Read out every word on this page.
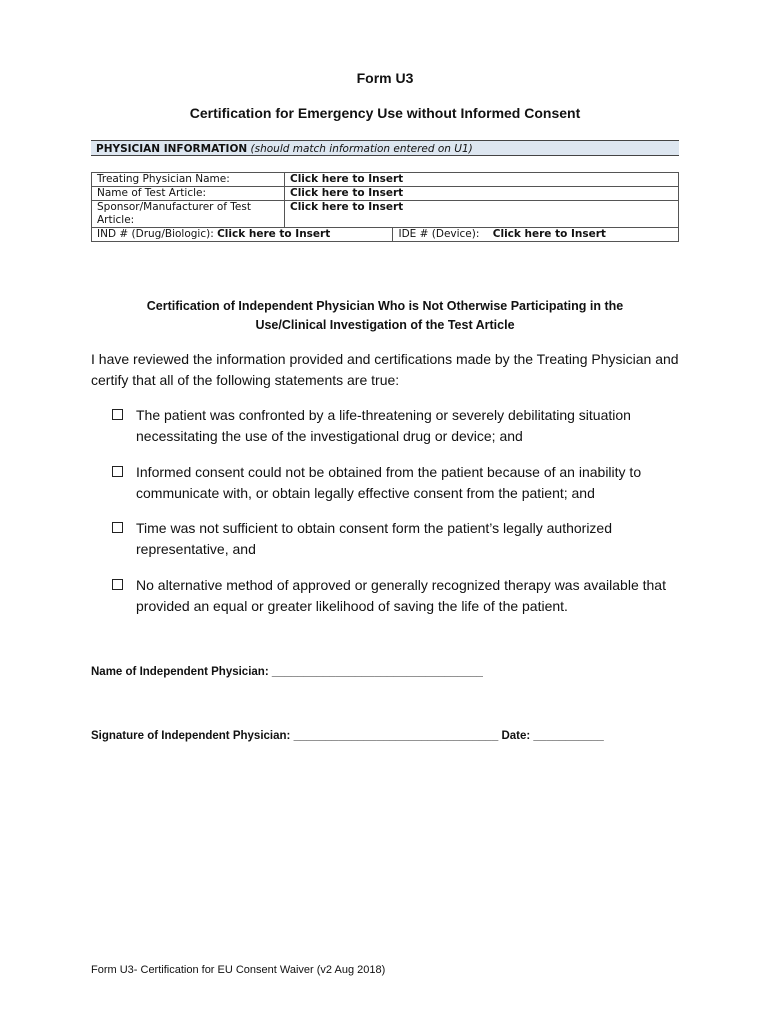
Form U3
Certification for Emergency Use without Informed Consent
PHYSICIAN INFORMATION (should match information entered on U1)
Treating Physician Name:	Click here to Insert	
Name of Test Article:	Click here to Insert	
Sponsor/Manufacturer of Test Article:	Click here to Insert	
IND # (Drug/Biologic): Click here to Insert		IDE # (Device): Click here to Insert
Certification of Independent Physician Who is Not Otherwise Participating in the
Use/Clinical Investigation of the Test Article
I have reviewed the information provided and certifications made by the Treating Physician and certify that all of the following statements are true:
The patient was confronted by a life-threatening or severely debilitating situation necessitating the use of the investigational drug or device; and
Informed consent could not be obtained from the patient because of an inability to communicate with, or obtain legally effective consent from the patient; and
Time was not sufficient to obtain consent form the patient’s legally authorized representative, and
No alternative method of approved or generally recognized therapy was available that provided an equal or greater likelihood of saving the life of the patient.
Name of Independent Physician: _________________________________
Signature of Independent Physician: ________________________________ Date: ___________
Form U3- Certification for EU Consent Waiver (v2 Aug 2018)
